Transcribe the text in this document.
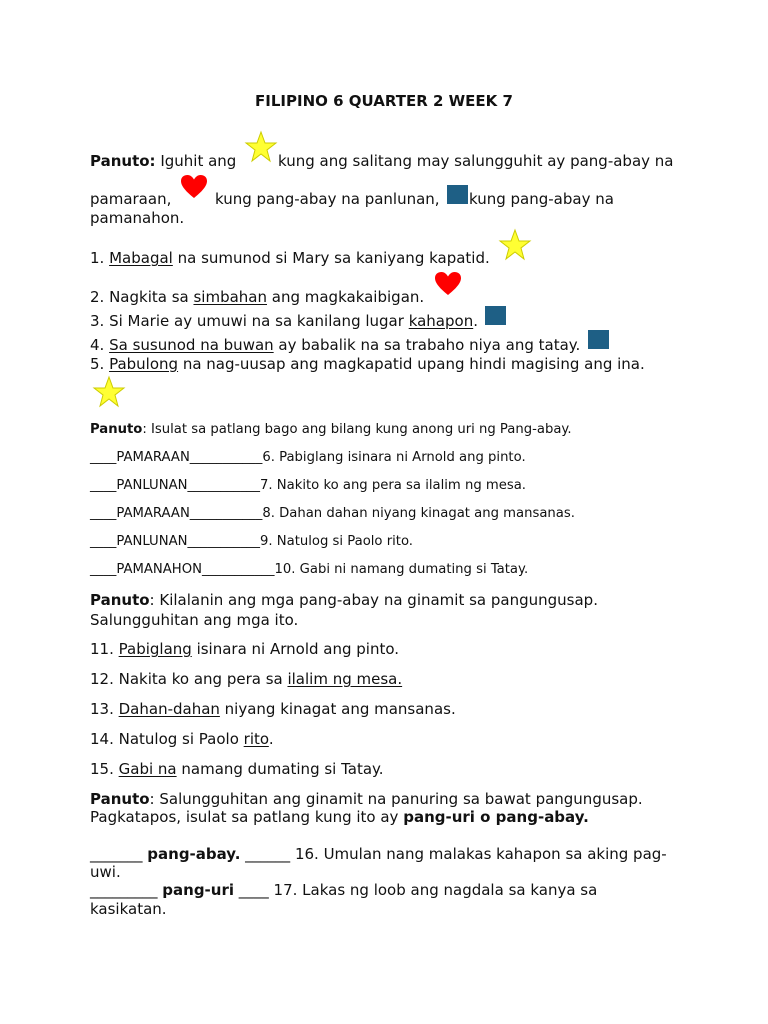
FILIPINO 6 QUARTER 2 WEEK 7
Panuto: Iguhit ang	kung ang salitang may salungguhit ay pang-abay na
pamaraan,	kung pang-abay na panlunan, kung pang-abay na
pamanahon.
1. Mabagal na sumunod si Mary sa kaniyang kapatid.
2. Nagkita sa simbahan ang magkakaibigan.
3. Si Marie ay umuwi na sa kanilang lugar kahapon.
4. Sa susunod na buwan ay babalik na sa trabaho niya ang tatay.
5. Pabulong na nag-uusap ang magkapatid upang hindi magising ang ina.
Panuto: Isulat sa patlang bago ang bilang kung anong uri ng Pang-abay.
____PAMARAAN___________6. Pabiglang isinara ni Arnold ang pinto.
____PANLUNAN___________7. Nakito ko ang pera sa ilalim ng mesa.
____PAMARAAN___________8. Dahan dahan niyang kinagat ang mansanas.
____PANLUNAN___________9. Natulog si Paolo rito.
____PAMANAHON___________10. Gabi ni namang dumating si Tatay.
Panuto: Kilalanin ang mga pang-abay na ginamit sa pangungusap.
Salungguhitan ang mga ito.
11. Pabiglang isinara ni Arnold ang pinto.
12. Nakita ko ang pera sa ilalim ng mesa.
13. Dahan-dahan niyang kinagat ang mansanas.
14. Natulog si Paolo rito.
15. Gabi na namang dumating si Tatay.
Panuto: Salungguhitan ang ginamit na panuring sa bawat pangungusap.
Pagkatapos, isulat sa patlang kung ito ay pang-uri o pang-abay.
_______ pang-abay. ______ 16. Umulan nang malakas kahapon sa aking pag-
uwi.
_________ pang-uri ____ 17. Lakas ng loob ang nagdala sa kanya sa
kasikatan.
